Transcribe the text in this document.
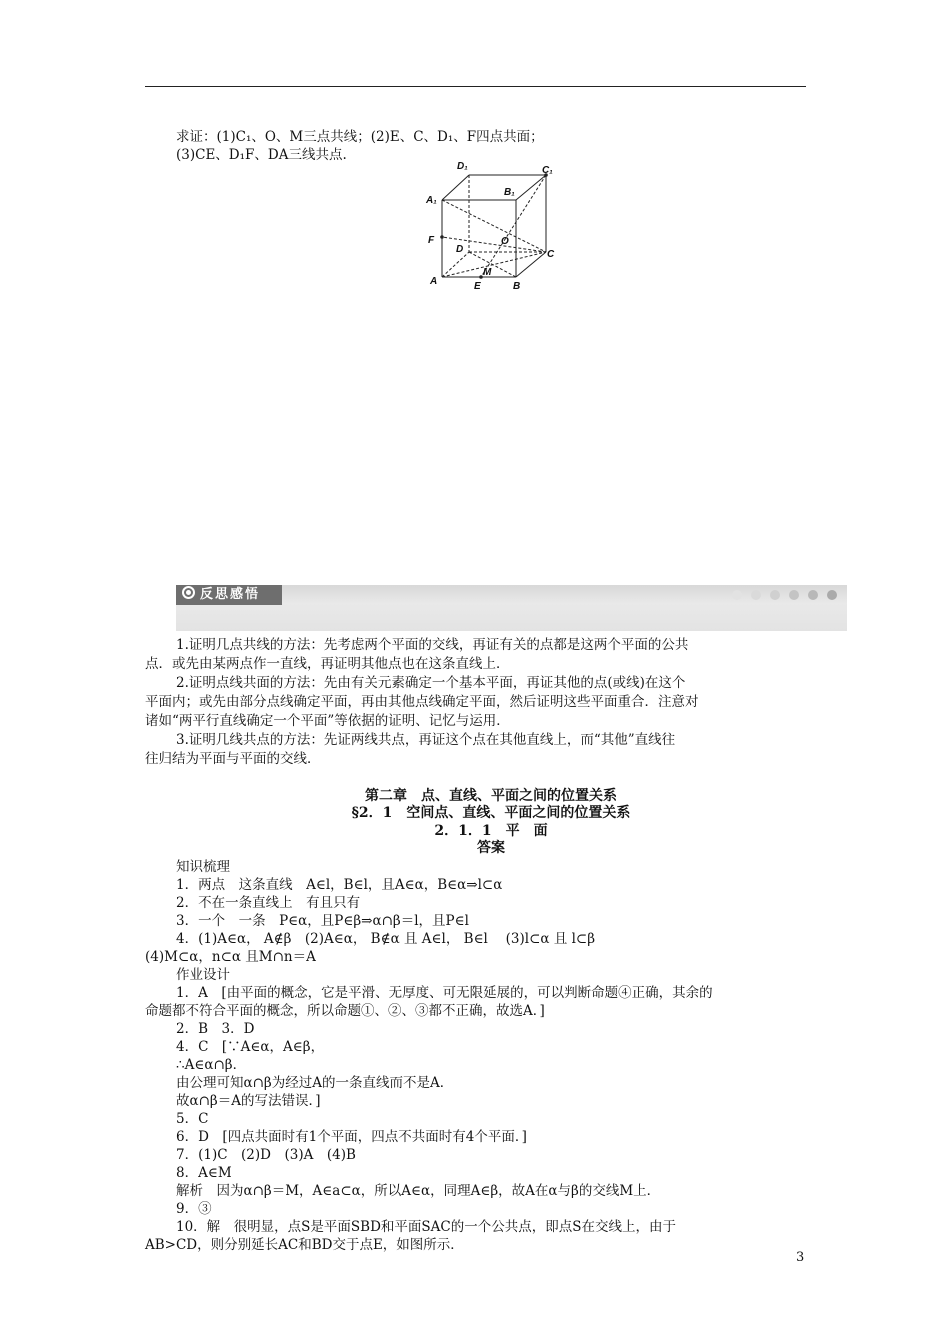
求证：(1)C₁、O、M三点共线；(2)E、C、D₁、F四点共面；
(3)CE、D₁F、DA三线共点.
D₁	C₁
B₁
A₁
F
D
O
C
A
M
E	B
反思感悟
1.证明几点共线的方法：先考虑两个平面的交线，再证有关的点都是这两个平面的公共
点．或先由某两点作一直线，再证明其他点也在这条直线上．
2.证明点线共面的方法：先由有关元素确定一个基本平面，再证其他的点(或线)在这个
平面内；或先由部分点线确定平面，再由其他点线确定平面，然后证明这些平面重合．注意对
诸如“两平行直线确定一个平面”等依据的证明、记忆与运用．
3.证明几线共点的方法：先证两线共点，再证这个点在其他直线上，而“其他”直线往
往归结为平面与平面的交线．
第二章　点、直线、平面之间的位置关系
§2．1　空间点、直线、平面之间的位置关系
2．1．1　平　面
答案
知识梳理
1．两点　这条直线　A∈l，B∈l，且A∈α，B∈α⇒l⊂α
2．不在一条直线上　有且只有
3．一个　一条　P∈α，且P∈β⇒α∩β＝l，且P∈l
4．(1)A∈α， A∉β　(2)A∈α， B∉α 且 A∈l， B∈l　 (3)l⊂α 且 l⊂β
(4)M⊂α，n⊂α 且M∩n＝A
作业设计
1．A　[由平面的概念，它是平滑、无厚度、可无限延展的，可以判断命题④正确，其余的
命题都不符合平面的概念，所以命题①、②、③都不正确，故选A．]
2．B　3．D
4．C　[∵A∈α，A∈β，
∴A∈α∩β．
由公理可知α∩β为经过A的一条直线而不是A．
故α∩β＝A的写法错误．]
5．C
6．D　[四点共面时有1个平面，四点不共面时有4个平面．]
7．(1)C　(2)D　(3)A　(4)B
8．A∈M
解析　因为α∩β＝M，A∈a⊂α，所以A∈α，同理A∈β，故A在α与β的交线M上．
9．③
10．解　很明显，点S是平面SBD和平面SAC的一个公共点，即点S在交线上，由于
AB>CD，则分别延长AC和BD交于点E，如图所示．
3
